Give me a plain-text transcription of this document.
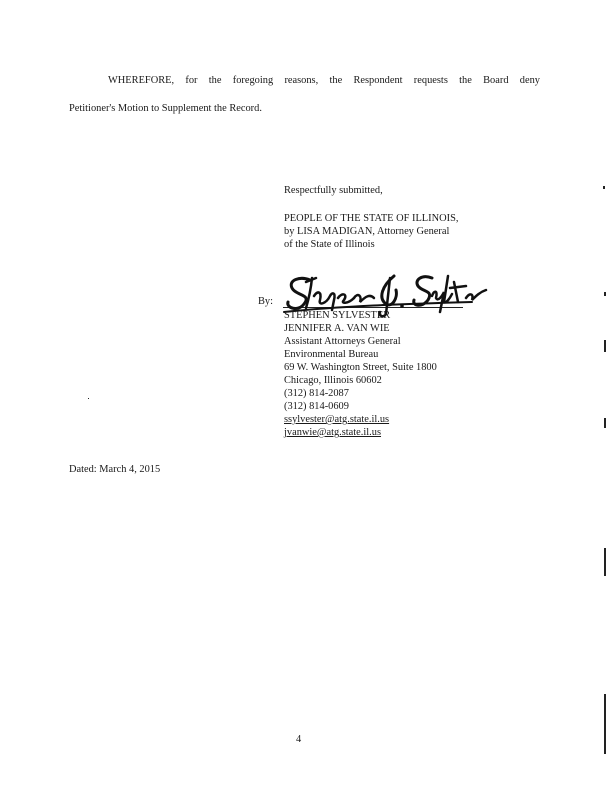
WHEREFORE, for the foregoing reasons, the Respondent requests the Board deny
Petitioner's Motion to Supplement the Record.
Respectfully submitted,
PEOPLE OF THE STATE OF ILLINOIS,
by LISA MADIGAN, Attorney General
of the State of Illinois
By:
STEPHEN SYLVESTER
JENNIFER A. VAN WIE
Assistant Attorneys General
Environmental Bureau
69 W. Washington Street, Suite 1800
Chicago, Illinois 60602
(312) 814-2087
(312) 814-0609
ssylvester@atg.state.il.us
jvanwie@atg.state.il.us
Dated: March 4, 2015
4
